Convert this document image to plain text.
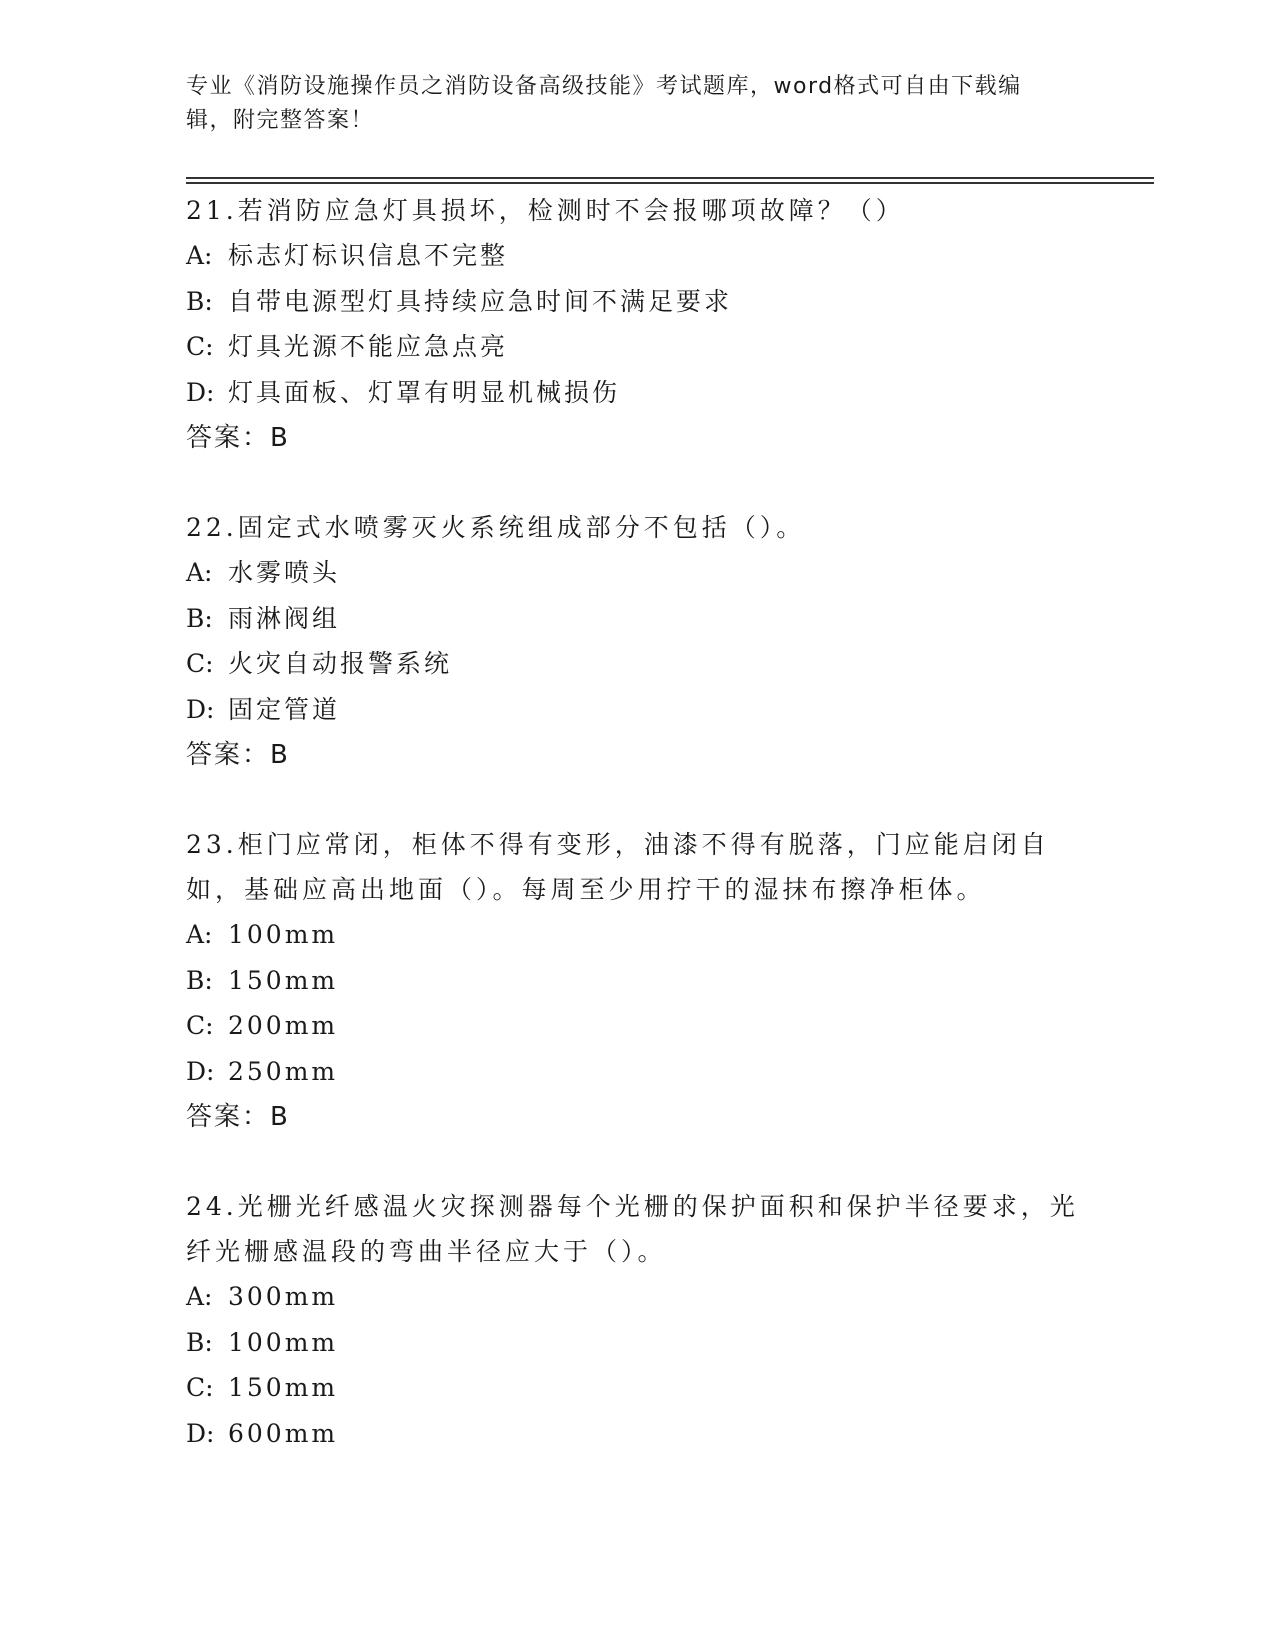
专业《消防设施操作员之消防设备高级技能》考试题库，word格式可自由下载编辑，附完整答案！

21.若消防应急灯具损坏，检测时不会报哪项故障？（）

A: 标志灯标识信息不完整

B: 自带电源型灯具持续应急时间不满足要求

C: 灯具光源不能应急点亮

D: 灯具面板、灯罩有明显机械损伤

答案：B

22.固定式水喷雾灭火系统组成部分不包括（）。

A: 水雾喷头

B: 雨淋阀组

C: 火灾自动报警系统

D: 固定管道

答案：B

23.柜门应常闭，柜体不得有变形，油漆不得有脱落，门应能启闭自如，基础应高出地面（）。每周至少用拧干的湿抹布擦净柜体。

A: 100mm

B: 150mm

C: 200mm

D: 250mm

答案：B

24.光栅光纤感温火灾探测器每个光栅的保护面积和保护半径要求，光纤光栅感温段的弯曲半径应大于（）。

A: 300mm

B: 100mm

C: 150mm

D: 600mm
